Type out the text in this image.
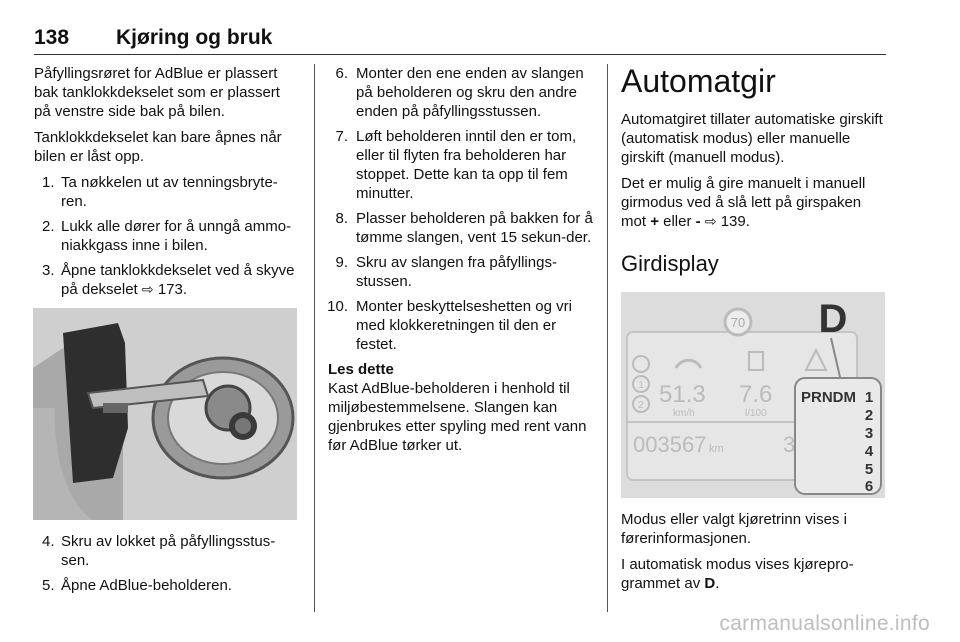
138 Kjøring og bruk

Påfyllingsrøret for AdBlue er plassert bak tanklokkdekselet som er plassert på venstre side bak på bilen.

Tanklokkdekselet kan bare åpnes når bilen er låst opp.

1. Ta nøkkelen ut av tenningsbryte-ren.
2. Lukk alle dører for å unngå ammo-niakkgass inne i bilen.
3. Åpne tanklokkdekselet ved å skyve på dekselet ⇨ 173.
4. Skru av lokket på påfyllingsstus-sen.
5. Åpne AdBlue-beholderen.
6. Monter den ene enden av slangen på beholderen og skru den andre enden på påfyllingsstussen.
7. Løft beholderen inntil den er tom, eller til flyten fra beholderen har stoppet. Dette kan ta opp til fem minutter.
8. Plasser beholderen på bakken for å tømme slangen, vent 15 sekun-der.
9. Skru av slangen fra påfyllings-stussen.
10. Monter beskyttelseshetten og vri med klokkeretningen til den er festet.

Les dette

Kast AdBlue-beholderen i henhold til miljøbestemmelsene. Slangen kan gjenbrukes etter spyling med rent vann før AdBlue tørker ut.

Automatgir

Automatgiret tillater automatiske girskift (automatisk modus) eller manuelle girskift (manuell modus).

Det er mulig å gire manuelt i manuell girmodus ved å slå lett på girspaken mot + eller - ⇨ 139.

Girdisplay
70 D
1
2 51.3
km/h
7.6
l/100
003567 km	3
PRNDM 1
2
3
4
5
6

Modus eller valgt kjøretrinn vises i førerinformasjonen.

I automatisk modus vises kjørepro-grammet av D.

carmanualsonline.info
